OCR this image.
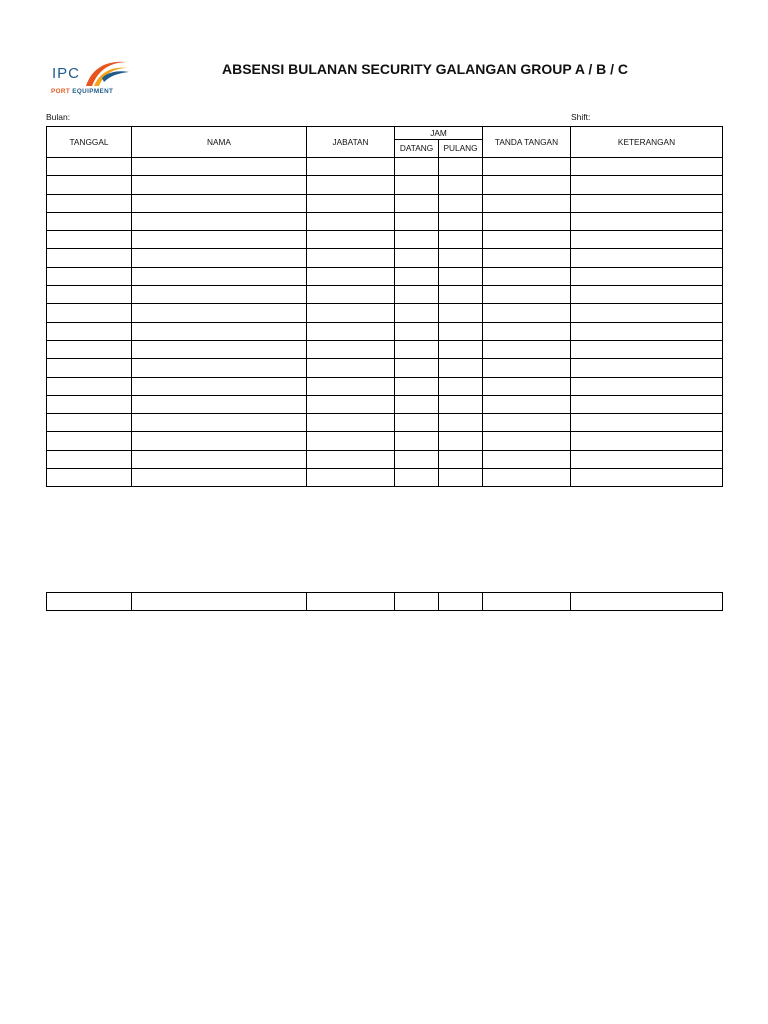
IPC
PORT EQUIPMENT
ABSENSI BULANAN SECURITY GALANGAN GROUP A / B / C
Bulan:	Shift:
TANGGAL	NAMA	JABATAN	JAM		TANDA TANGAN	KETERANGAN
			DATANG	PULANG		
